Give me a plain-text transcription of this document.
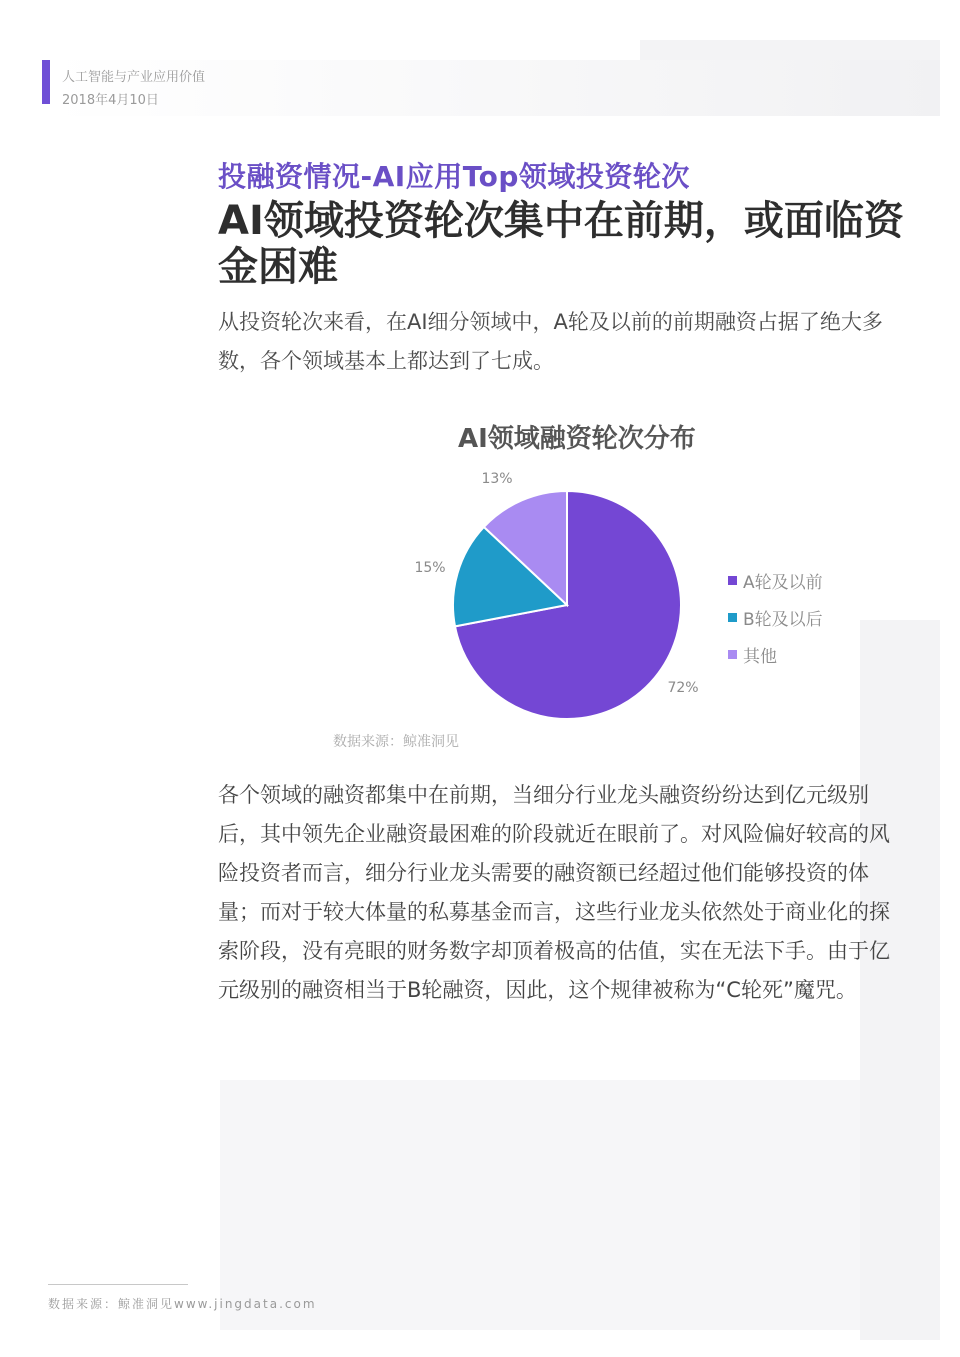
人工智能与产业应用价值
2018年4月10日
投融资情况-AI应用Top领域投资轮次
AI领域投资轮次集中在前期，或面临资金困难
从投资轮次来看，在AI细分领域中，A轮及以前的前期融资占据了绝大多数，各个领域基本上都达到了七成。
AI领域融资轮次分布
72%
15%
13%
A轮及以前
B轮及以后
其他
数据来源：鲸准洞见
各个领域的融资都集中在前期，当细分行业龙头融资纷纷达到亿元级别后，其中领先企业融资最困难的阶段就近在眼前了。对风险偏好较高的风险投资者而言，细分行业龙头需要的融资额已经超过他们能够投资的体量；而对于较大体量的私募基金而言，这些行业龙头依然处于商业化的探索阶段，没有亮眼的财务数字却顶着极高的估值，实在无法下手。由于亿元级别的融资相当于B轮融资，因此，这个规律被称为“C轮死”魔咒。
数据来源：鲸准洞见www.jingdata.com
